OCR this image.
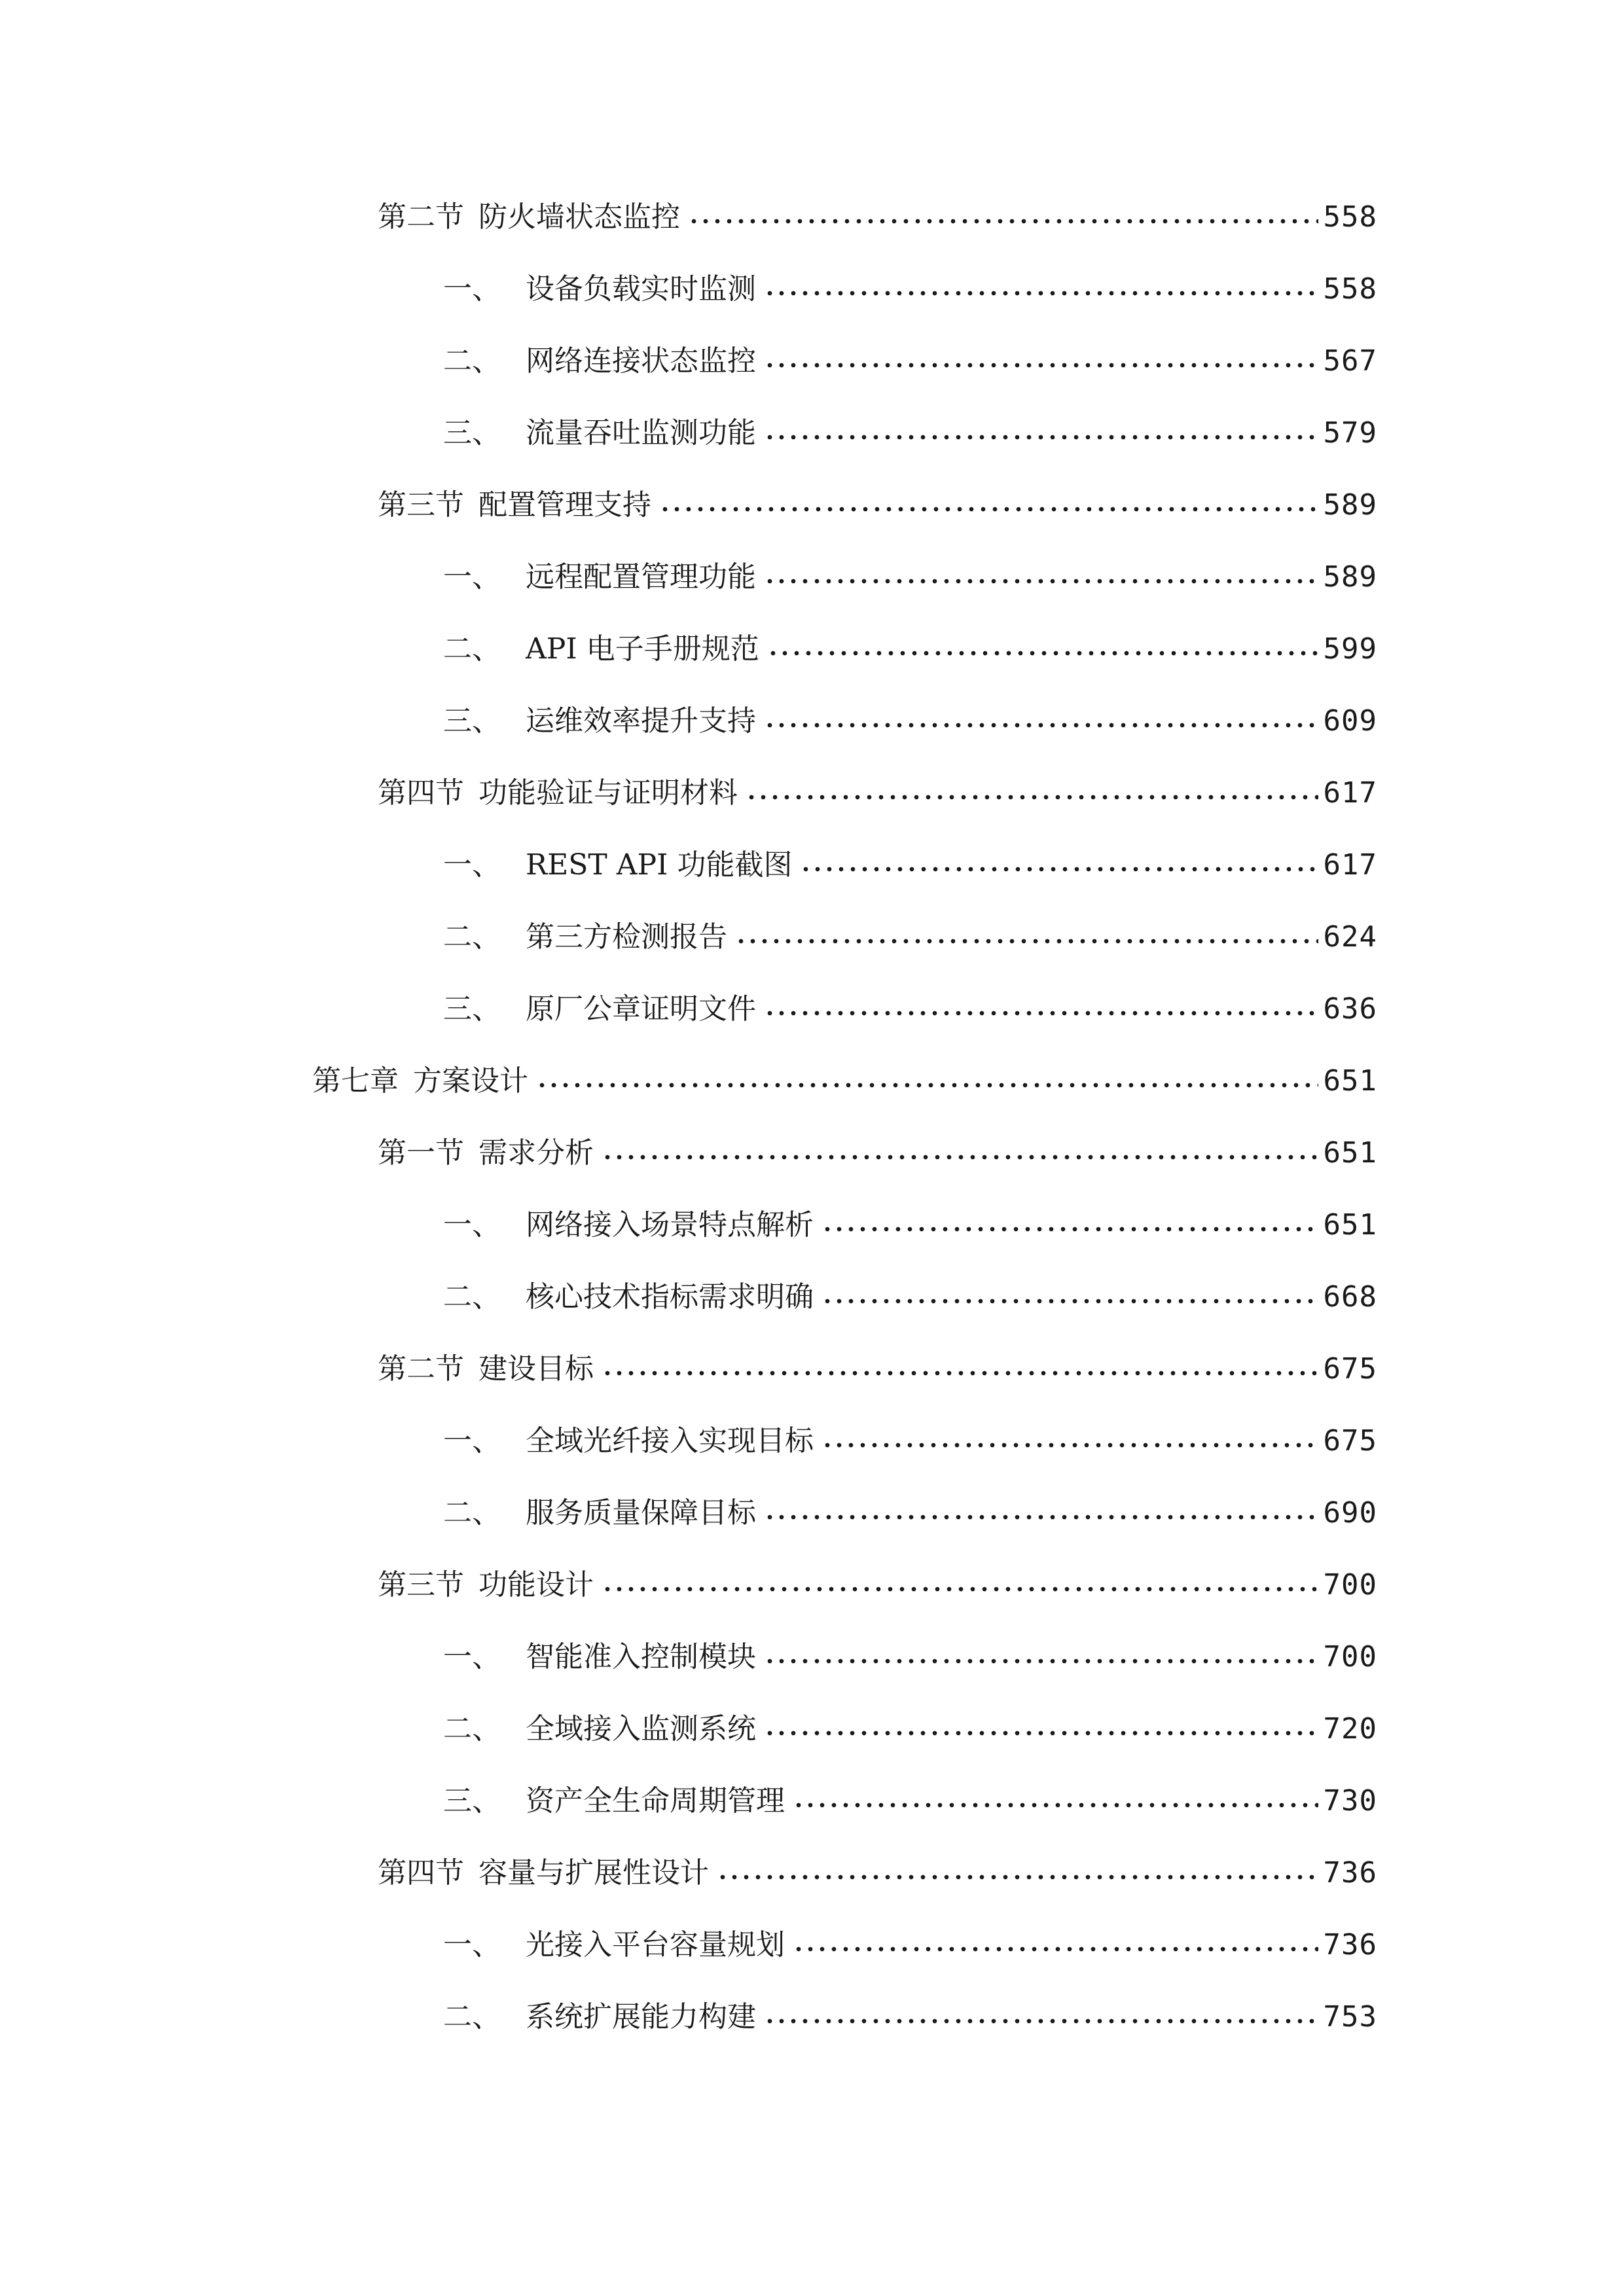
第二节 防火墙状态监控	558
一、 设备负载实时监测	558
二、 网络连接状态监控	567
三、 流量吞吐监测功能	579
第三节 配置管理支持	589
一、 远程配置管理功能	589
二、 API 电子手册规范	599
三、 运维效率提升支持	609
第四节 功能验证与证明材料	617
一、 REST API 功能截图	617
二、 第三方检测报告	624
三、 原厂公章证明文件	636
第七章 方案设计	651
第一节 需求分析	651
一、 网络接入场景特点解析	651
二、 核心技术指标需求明确	668
第二节 建设目标	675
一、 全域光纤接入实现目标	675
二、 服务质量保障目标	690
第三节 功能设计	700
一、 智能准入控制模块	700
二、 全域接入监测系统	720
三、 资产全生命周期管理	730
第四节 容量与扩展性设计	736
一、 光接入平台容量规划	736
二、 系统扩展能力构建	753
